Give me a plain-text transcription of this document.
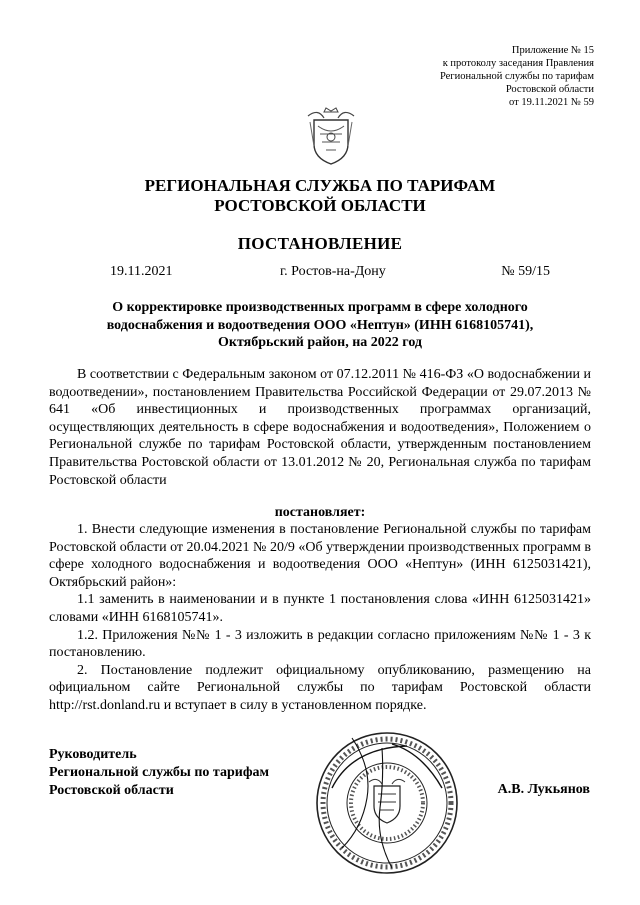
Приложение № 15
к протоколу заседания Правления
Региональной службы по тарифам
Ростовской области
от 19.11.2021 № 59
РЕГИОНАЛЬНАЯ СЛУЖБА ПО ТАРИФАМ
РОСТОВСКОЙ ОБЛАСТИ
ПОСТАНОВЛЕНИЕ
19.11.2021	г. Ростов-на-Дону	№ 59/15
О корректировке производственных программ в сфере холодного
водоснабжения и водоотведения ООО «Нептун» (ИНН 6168105741),
Октябрьский район, на 2022 год

В соответствии с Федеральным законом от 07.12.2011 № 416-ФЗ «О водоснабжении и водоотведении», постановлением Правительства Российской Федерации от 29.07.2013 № 641 «Об инвестиционных и производственных программах организаций, осуществляющих деятельность в сфере водоснабжения и водоотведения», Положением о Региональной службе по тарифам Ростовской области, утвержденным постановлением Правительства Ростовской области от 13.01.2012 № 20, Региональная служба по тарифам Ростовской области

постановляет:

1. Внести следующие изменения в постановление Региональной службы по тарифам Ростовской области от 20.04.2021 № 20/9 «Об утверждении производственных программ в сфере холодного водоснабжения и водоотведения ООО «Нептун» (ИНН 6125031421), Октябрьский район»:

1.1 заменить в наименовании и в пункте 1 постановления слова «ИНН 6125031421» словами «ИНН 6168105741».

1.2. Приложения №№ 1 - 3 изложить в редакции согласно приложениям №№ 1 - 3 к постановлению.

2. Постановление подлежит официальному опубликованию, размещению на официальном сайте Региональной службы по тарифам Ростовской области http://rst.donland.ru и вступает в силу в установленном порядке.

Руководитель
Региональной службы по тарифам
Ростовской области	А.В. Лукьянов
